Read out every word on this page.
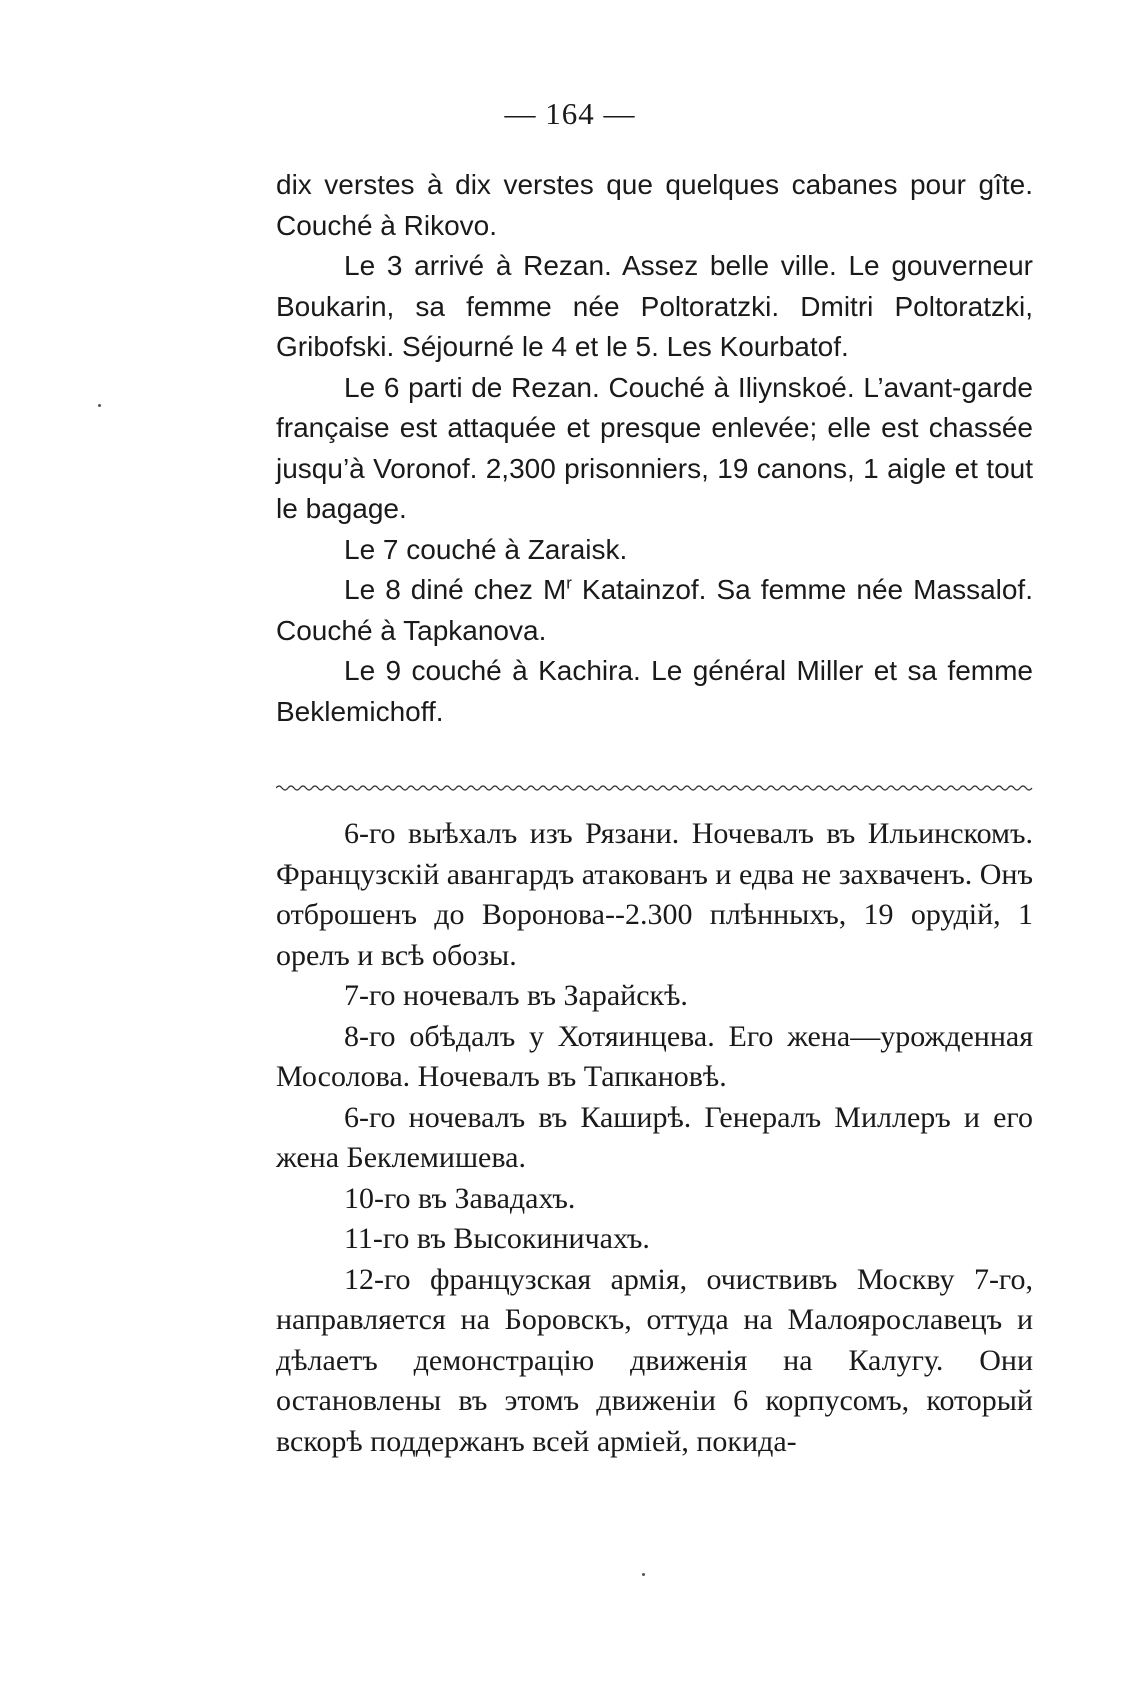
— 164 —

dix verstes à dix verstes que quelques cabanes pour gîte. Couché à Rikovo.

Le 3 arrivé à Rezan. Assez belle ville. Le gouverneur Boukarin, sa femme née Poltoratzki. Dmitri Poltoratzki, Gribofski. Séjourné le 4 et le 5. Les Kourbatof.

Le 6 parti de Rezan. Couché à Iliynskoé. L’avant-garde française est attaquée et presque enlevée; elle est chassée jusqu’à Voronof. 2,300 prisonniers, 19 canons, 1 aigle et tout le bagage.

Le 7 couché à Zaraisk.

Le 8 diné chez $M^r$ Katainzof. Sa femme née Massalof. Couché à Tapkanova.

Le 9 couché à Kachira. Le général Miller et sa femme Beklemichoff.

6-го выѣхалъ изъ Рязани. Ночевалъ въ Ильинскомъ. Французскій авангардъ атакованъ и едва не захваченъ. Онъ отброшенъ до Воронова--2.300 плѣнныхъ, 19 орудій, 1 орелъ и всѣ обозы.

7-го ночевалъ въ Зарайскѣ.

8-го обѣдалъ у Хотяинцева. Его жена—урожденная Мосолова. Ночевалъ въ Тапкановѣ.

6-го ночевалъ въ Каширѣ. Генералъ Миллеръ и его жена Беклемишева.

10-го въ Завадахъ.

11-го въ Высокиничахъ.

12-го французская армія, очиствивъ Москву 7-го, направляется на Боровскъ, оттуда на Малоярославецъ и дѣлаетъ демонстрацію движенія на Калугу. Они остановлены въ этомъ движеніи 6 корпусомъ, который вскорѣ поддержанъ всей арміей, покида-
